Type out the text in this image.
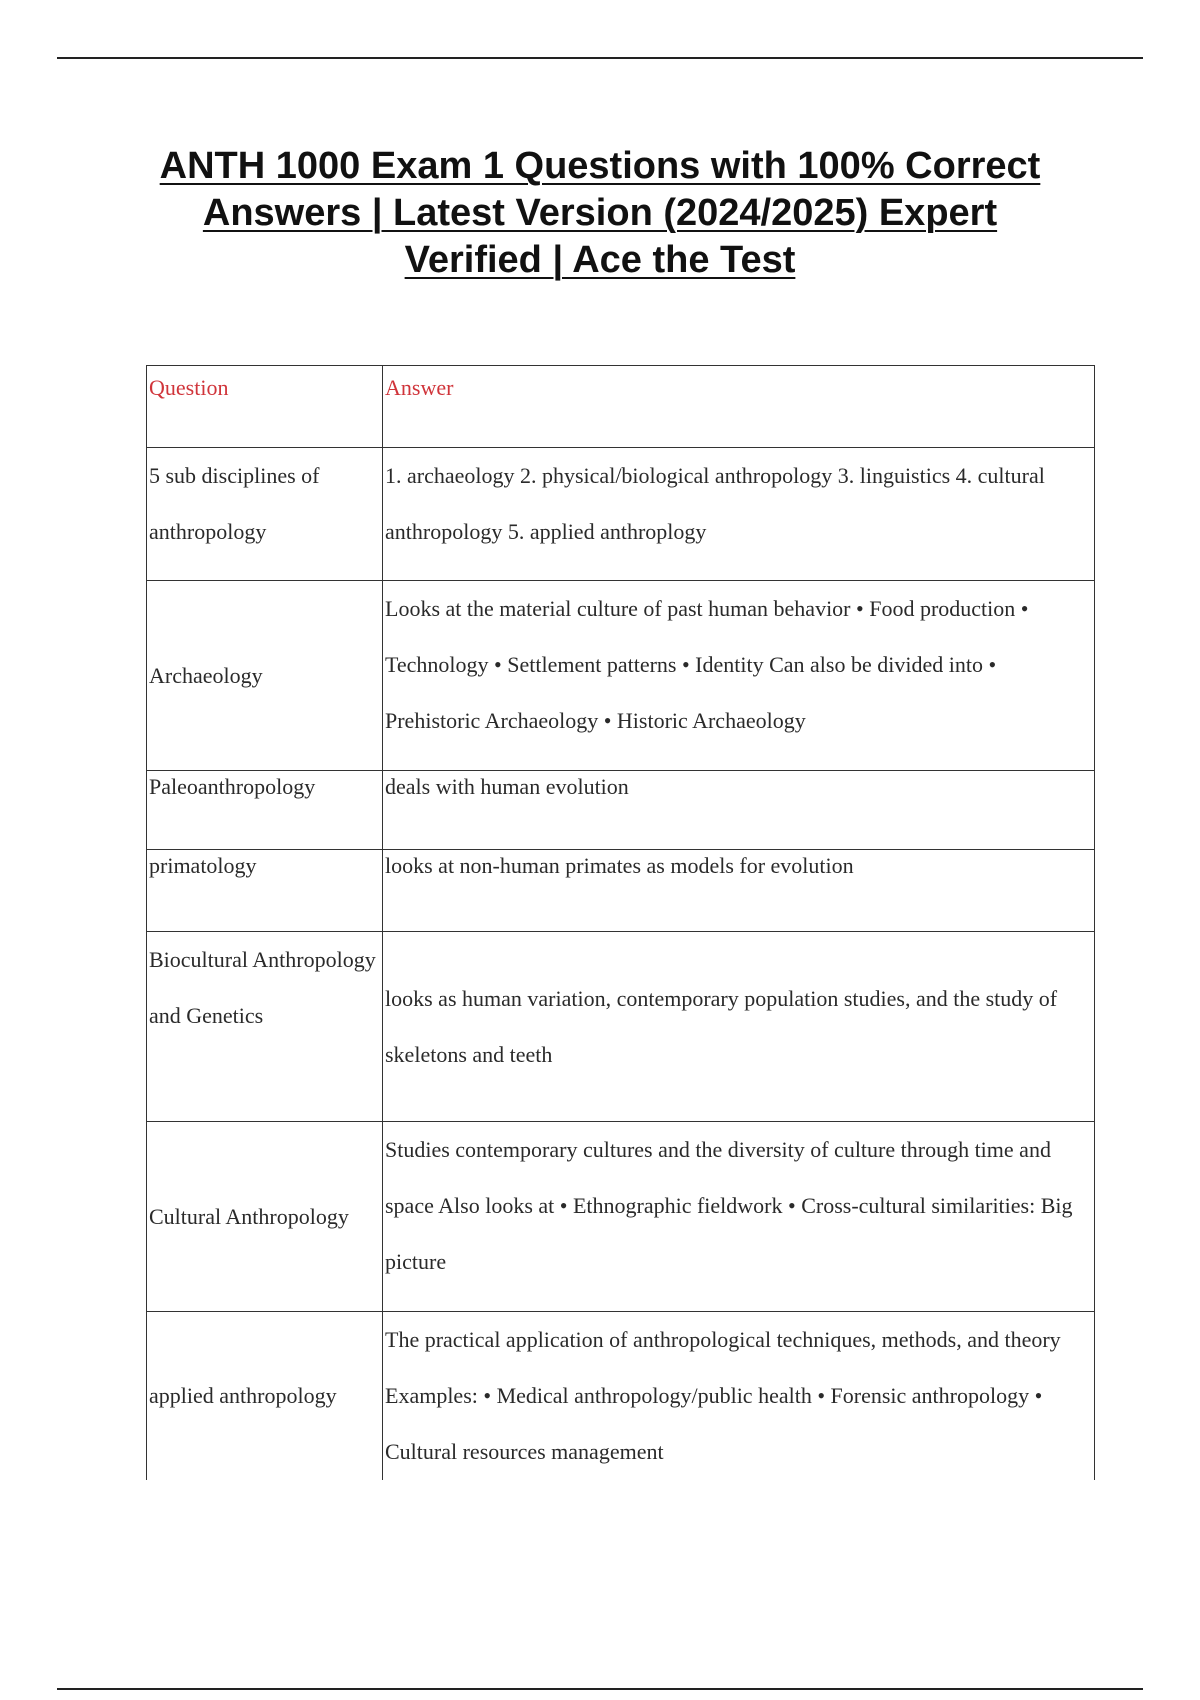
ANTH 1000 Exam 1 Questions with 100% Correct
Answers | Latest Version (2024/2025) Expert
Verified | Ace the Test
Question	Answer
5 sub disciplines of anthropology	1. archaeology 2. physical/biological anthropology 3. linguistics 4. cultural anthropology 5. applied anthroplogy
Archaeology	Looks at the material culture of past human behavior • Food production • Technology • Settlement patterns • Identity Can also be divided into • Prehistoric Archaeology • Historic Archaeology
Paleoanthropology	deals with human evolution
primatology	looks at non-human primates as models for evolution
Biocultural Anthropology and Genetics	looks as human variation, contemporary population studies, and the study of skeletons and teeth
Cultural Anthropology	Studies contemporary cultures and the diversity of culture through time and space Also looks at • Ethnographic fieldwork • Cross-cultural similarities: Big picture
applied anthropology	The practical application of anthropological techniques, methods, and theory Examples: • Medical anthropology/public health • Forensic anthropology • Cultural resources management
